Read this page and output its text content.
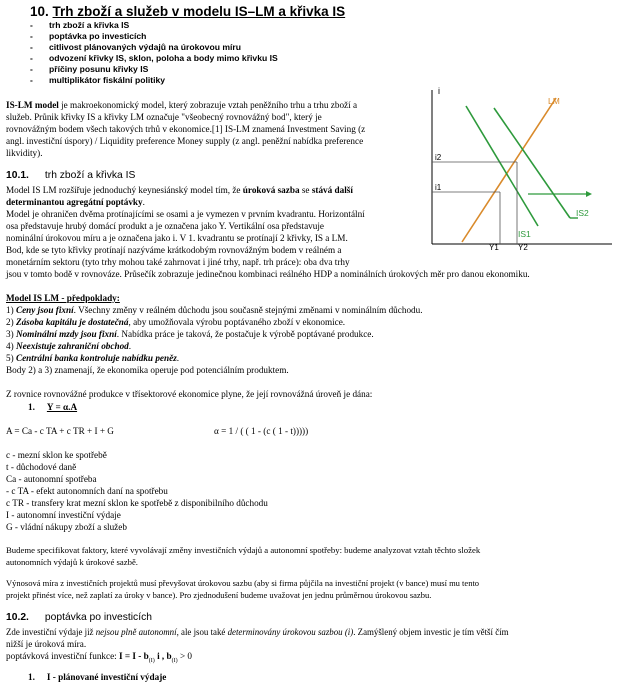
10. Trh zboží a služeb v modelu IS–LM a křivka IS
- trh zboží a křivka IS
- poptávka po investicích
- citlivost plánovaných výdajů na úrokovou míru
- odvození křivky IS, sklon, poloha a body mimo křivku IS
- příčiny posunu křivky IS
- multiplikátor fiskální politiky
IS-LM model je makroekonomický model, který zobrazuje vztah peněžního trhu a trhu zboží a
služeb. Průnik křivky IS a křivky LM označuje "všeobecný rovnovážný bod", který je
rovnovážným bodem všech takových trhů v ekonomice.[1] IS-LM znamená Investment Saving (z
angl. investiční úspory) / Liquidity preference Money supply (z angl. peněžní nabídka preference
likvidity).
10.1. trh zboží a křivka IS
Model IS LM rozšiřuje jednoduchý keynesiánský model tím, že úroková sazba se stává další
determinantou agregátní poptávky.
Model je ohraničen dvěma protínajícími se osami a je vymezen v prvním kvadrantu. Horizontální
osa představuje hrubý domácí produkt a je označena jako Y. Vertikální osa představuje
nominální úrokovou míru a je označena jako i. V 1. kvadrantu se protínají 2 křivky, IS a LM.
Bod, kde se tyto křivky protínají nazýváme krátkodobým rovnovážným bodem v reálném a
monetárním sektoru (tyto trhy mohou také zahrnovat i jiné trhy, např. trh práce): oba dva trhy
jsou v tomto bodě v rovnováze. Průsečík zobrazuje jedinečnou kombinaci reálného HDP a nominálních úrokových měr pro danou ekonomiku.
i
LM
IS1
IS2
i2
i1
Y1 Y2
Model IS LM - předpoklady:
1) Ceny jsou fixní. Všechny změny v reálném důchodu jsou současně stejnými změnami v nominálním důchodu.
2) Zásoba kapitálu je dostatečná, aby umožňovala výrobu poptávaného zboží v ekonomice.
3) Nominální mzdy jsou fixní. Nabídka práce je taková, že postačuje k výrobě poptávané produkce.
4) Neexistuje zahraniční obchod.
5) Centrální banka kontroluje nabídku peněz.
Body 2) a 3) znamenají, že ekonomika operuje pod potenciálním produktem.
Z rovnice rovnovážné produkce v třísektorové ekonomice plyne, že její rovnovážná úroveň je dána:
1. Y = α.A
A = Ca - c TA + c TR + I + G	α = 1 / ( ( 1 - (c ( 1 - t)))))
c - mezní sklon ke spotřebě
t - důchodové daně
Ca - autonomní spotřeba
- c TA - efekt autonomních daní na spotřebu
c TR - transfery krat mezní sklon ke spotřebě z disponibilního důchodu
I - autonomní investiční výdaje
G - vládní nákupy zboží a služeb
Budeme specifikovat faktory, které vyvolávají změny investičních výdajů a autonomní spotřeby: budeme analyzovat vztah těchto složek
autonomních výdajů k úrokové sazbě.
Výnosová míra z investičních projektů musí převyšovat úrokovou sazbu (aby si firma půjčila na investiční projekt (v bance) musí mu tento
projekt přinést více, než zaplatí za úroky v bance). Pro zjednodušení budeme uvažovat jen jednu průměrnou úrokovou sazbu.
10.2. poptávka po investicích
Zde investiční výdaje již nejsou plně autonomní, ale jsou také determinovány úrokovou sazbou (i). Zamýšlený objem investic je tím větší čím
nižší je úroková míra.
poptávková investiční funkce: $I = I - b_{(I)}$ i , $b_{(I)} > 0$
1. I - plánované investiční výdaje
